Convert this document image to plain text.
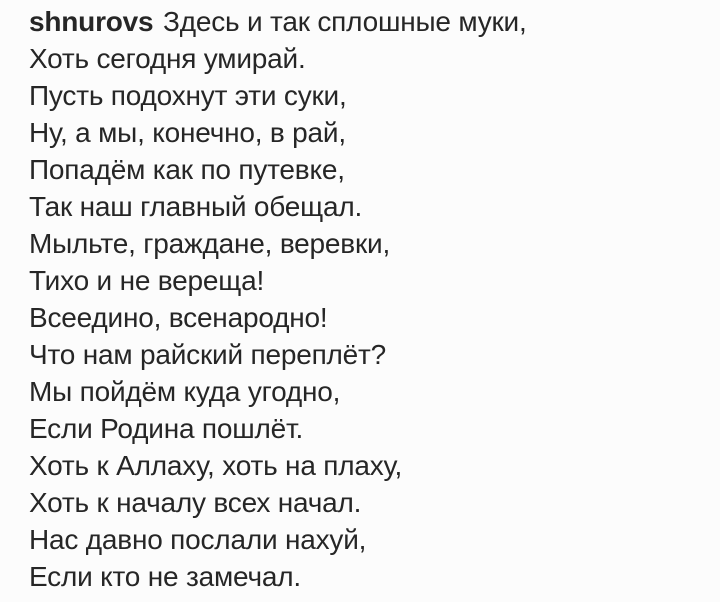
shnurovs Здесь и так сплошные муки,

Хоть сегодня умирай.

Пусть подохнут эти суки,

Ну, а мы, конечно, в рай,

Попадём как по путевке,

Так наш главный обещал.

Мыльте, граждане, веревки,

Тихо и не вереща!

Всеедино, всенародно!

Что нам райский переплёт?

Мы пойдём куда угодно,

Если Родина пошлёт.

Хоть к Аллаху, хоть на плаху,

Хоть к началу всех начал.

Нас давно послали нахуй,

Если кто не замечал.
